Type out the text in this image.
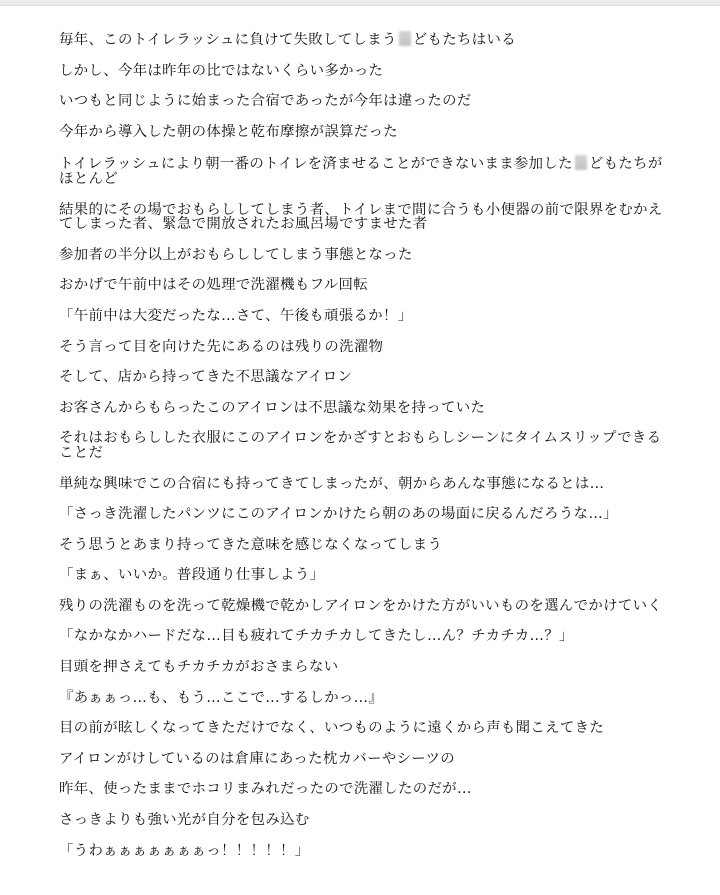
毎年、このトイレラッシュに負けて失敗してしまう どもたちはいる

しかし、今年は昨年の比ではないくらい多かった

いつもと同じように始まった合宿であったが今年は違ったのだ

今年から導入した朝の体操と乾布摩擦が誤算だった

トイレラッシュにより朝一番のトイレを済ませることができないまま参加した どもたちがほとんど

結果的にその場でおもらししてしまう者、トイレまで間に合うも小便器の前で限界をむかえてしまった者、緊急で開放されたお風呂場ですませた者

参加者の半分以上がおもらししてしまう事態となった

おかげで午前中はその処理で洗濯機もフル回転

「午前中は大変だったな…さて、午後も頑張るか！」

そう言って目を向けた先にあるのは残りの洗濯物

そして、店から持ってきた不思議なアイロン

お客さんからもらったこのアイロンは不思議な効果を持っていた

それはおもらしした衣服にこのアイロンをかざすとおもらしシーンにタイムスリップできることだ

単純な興味でこの合宿にも持ってきてしまったが、朝からあんな事態になるとは…

「さっき洗濯したパンツにこのアイロンかけたら朝のあの場面に戻るんだろうな…」

そう思うとあまり持ってきた意味を感じなくなってしまう

「まぁ、いいか。普段通り仕事しよう」

残りの洗濯ものを洗って乾燥機で乾かしアイロンをかけた方がいいものを選んでかけていく

「なかなかハードだな…目も疲れてチカチカしてきたし…ん？チカチカ…？」

目頭を押さえてもチカチカがおさまらない

『あぁぁっ…も、もう…ここで…するしかっ…』

目の前が眩しくなってきただけでなく、いつものように遠くから声も聞こえてきた

アイロンがけしているのは倉庫にあった枕カバーやシーツの

昨年、使ったままでホコリまみれだったので洗濯したのだが…

さっきよりも強い光が自分を包み込む

「うわぁぁぁぁぁぁぁっ！！！！！」
